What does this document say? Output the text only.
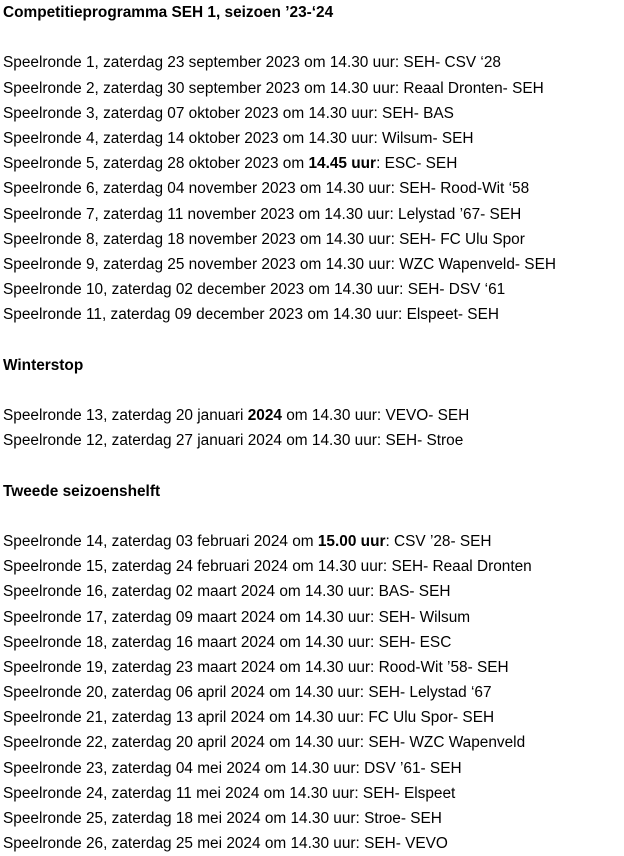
Competitieprogramma SEH 1, seizoen ’23-‘24
Speelronde 1, zaterdag 23 september 2023 om 14.30 uur: SEH- CSV ‘28
Speelronde 2, zaterdag 30 september 2023 om 14.30 uur: Reaal Dronten- SEH
Speelronde 3, zaterdag 07 oktober 2023 om 14.30 uur: SEH- BAS
Speelronde 4, zaterdag 14 oktober 2023 om 14.30 uur: Wilsum- SEH
Speelronde 5, zaterdag 28 oktober 2023 om 14.45 uur: ESC- SEH
Speelronde 6, zaterdag 04 november 2023 om 14.30 uur: SEH- Rood-Wit ‘58
Speelronde 7, zaterdag 11 november 2023 om 14.30 uur: Lelystad ’67- SEH
Speelronde 8, zaterdag 18 november 2023 om 14.30 uur: SEH- FC Ulu Spor
Speelronde 9, zaterdag 25 november 2023 om 14.30 uur: WZC Wapenveld- SEH
Speelronde 10, zaterdag 02 december 2023 om 14.30 uur: SEH- DSV ‘61
Speelronde 11, zaterdag 09 december 2023 om 14.30 uur: Elspeet- SEH
Winterstop
Speelronde 13, zaterdag 20 januari 2024 om 14.30 uur: VEVO- SEH
Speelronde 12, zaterdag 27 januari 2024 om 14.30 uur: SEH- Stroe
Tweede seizoenshelft
Speelronde 14, zaterdag 03 februari 2024 om 15.00 uur: CSV ’28- SEH
Speelronde 15, zaterdag 24 februari 2024 om 14.30 uur: SEH- Reaal Dronten
Speelronde 16, zaterdag 02 maart 2024 om 14.30 uur: BAS- SEH
Speelronde 17, zaterdag 09 maart 2024 om 14.30 uur: SEH- Wilsum
Speelronde 18, zaterdag 16 maart 2024 om 14.30 uur: SEH- ESC
Speelronde 19, zaterdag 23 maart 2024 om 14.30 uur: Rood-Wit ’58- SEH
Speelronde 20, zaterdag 06 april 2024 om 14.30 uur: SEH- Lelystad ‘67
Speelronde 21, zaterdag 13 april 2024 om 14.30 uur: FC Ulu Spor- SEH
Speelronde 22, zaterdag 20 april 2024 om 14.30 uur: SEH- WZC Wapenveld
Speelronde 23, zaterdag 04 mei 2024 om 14.30 uur: DSV ’61- SEH
Speelronde 24, zaterdag 11 mei 2024 om 14.30 uur: SEH- Elspeet
Speelronde 25, zaterdag 18 mei 2024 om 14.30 uur: Stroe- SEH
Speelronde 26, zaterdag 25 mei 2024 om 14.30 uur: SEH- VEVO
